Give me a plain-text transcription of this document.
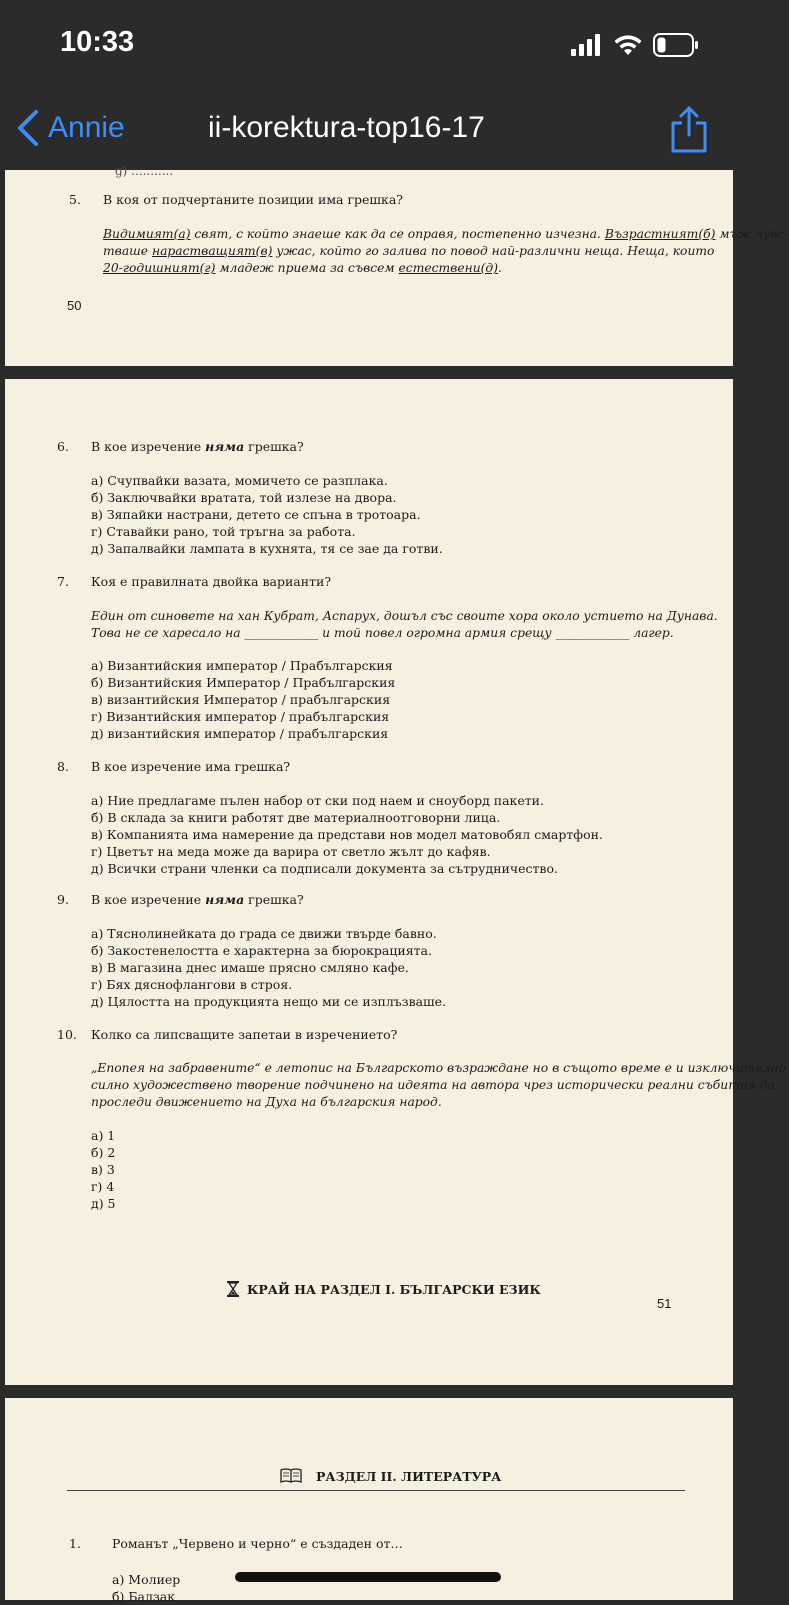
10:33
Annie	ii-korektura-top16-17
g) ...........
5.	В коя от подчертаните позиции има грешка?
Видимият(а) свят, с който знаеше как да се оправя, постепенно изчезна. Възрастният(б) мъж чувс-
тваше нарастващият(в) ужас, който го залива по повод най-различни неща. Неща, които
20-годишният(г) младеж приема за съвсем естествени(д).
50
6.	В кое изречение няма грешка?
а) Счупвайки вазата, момичето се разплака.
б) Заключвайки вратата, той излезе на двора.
в) Зяпайки настрани, детето се спъна в тротоара.
г) Ставайки рано, той тръгна за работа.
д) Запалвайки лампата в кухнята, тя се зае да готви.
7.	Коя е правилната двойка варианти?
Един от синовете на хан Кубрат, Аспарух, дошъл със своите хора около устието на Дунава.
Това не се харесало на ____________ и той повел огромна армия срещу ____________ лагер.
а) Византийския император / Прабългарския
б) Византийския Император / Прабългарския
в) византийския Император / прабългарския
г) Византийския император / прабългарския
д) византийския император / прабългарския
8.	В кое изречение има грешка?
а) Ние предлагаме пълен набор от ски под наем и сноуборд пакети.
б) В склада за книги работят две материалноотговорни лица.
в) Компанията има намерение да представи нов модел матовобял смартфон.
г) Цветът на меда може да варира от светло жълт до кафяв.
д) Всички страни членки са подписали документа за сътрудничество.
9.	В кое изречение няма грешка?
а) Тяснолинейката до града се движи твърде бавно.
б) Закостенелостта е характерна за бюрокрацията.
в) В магазина днес имаше прясно смляно кафе.
г) Бях дяснофлангови в строя.
д) Цялостта на продукцията нещо ми се изплъзваше.
10.	Колко са липсващите запетаи в изречението?
„Епопея на забравените“ е летопис на Българското възраждане но в същото време е и изключително
силно художествено творение подчинено на идеята на автора чрез исторически реални събития да
проследи движението на Духа на българския народ.
а) 1
б) 2
в) 3
г) 4
д) 5
КРАЙ НА РАЗДЕЛ I. БЪЛГАРСКИ ЕЗИК
51
РАЗДЕЛ II. ЛИТЕРАТУРА
1.	Романът „Червено и черно“ е създаден от…
а) Молиер
б) Балзак
